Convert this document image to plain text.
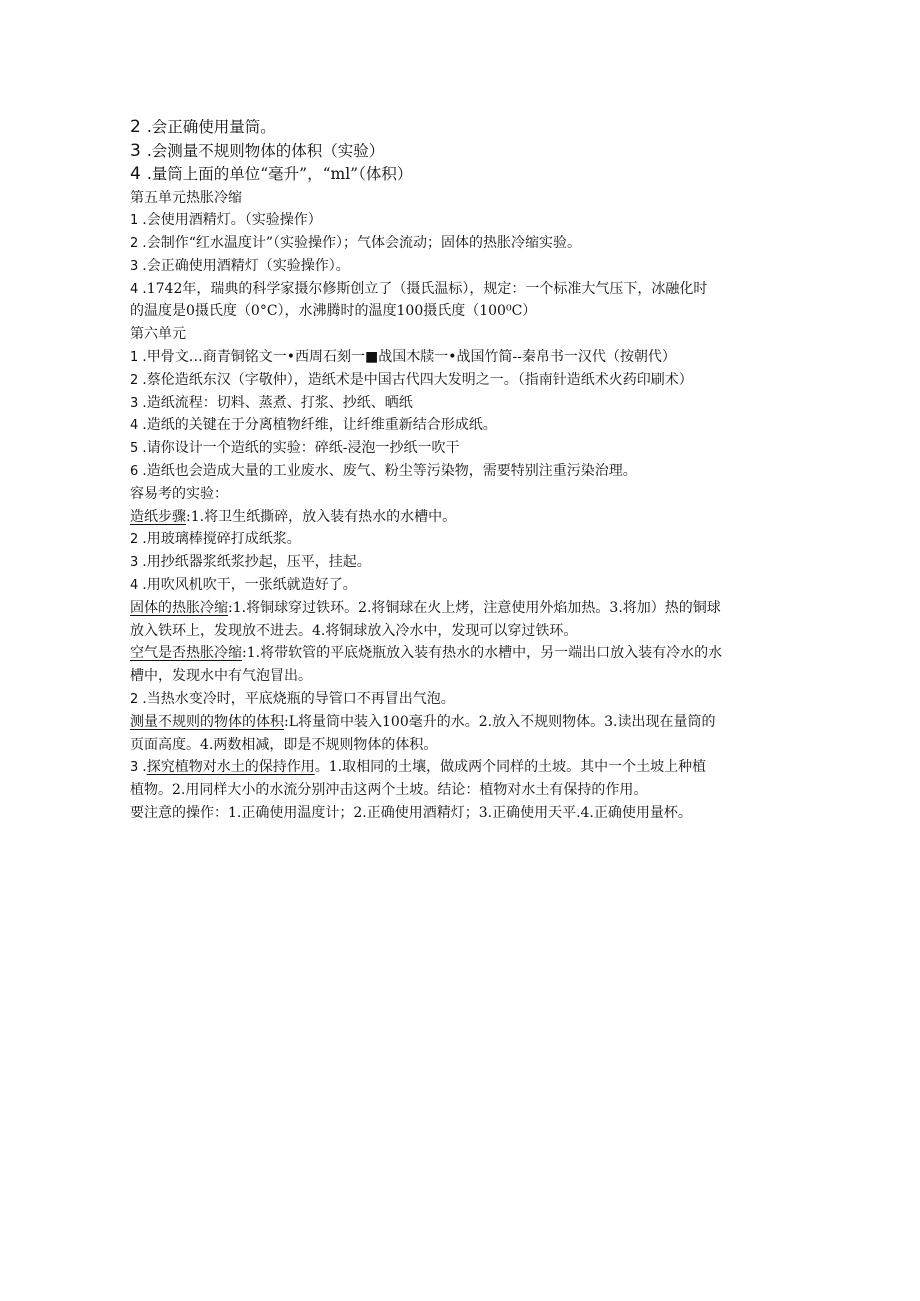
2 .会正确使用量筒。
3 .会测量不规则物体的体积（实验）
4 .量筒上面的单位“毫升”，“ml”（体积）
第五单元热胀冷缩
1 .会使用酒精灯。（实验操作）
2 .会制作“红水温度计”（实验操作）；气体会流动；固体的热胀冷缩实验。
3 .会正确使用酒精灯（实验操作）。
4 .1742年，瑞典的科学家摄尔修斯创立了（摄氏温标），规定：一个标准大气压下，冰融化时
的温度是0摄氏度（0°C），水沸腾时的温度100摄氏度（100⁰C）
第六单元
1 .甲骨文…商青铜铭文一•西周石刻一■战国木牍一•战国竹简--秦帛书一汉代（按朝代）
2 .蔡伦造纸东汉（字敬仲），造纸术是中国古代四大发明之一。（指南针造纸术火药印刷术）
3 .造纸流程：切料、蒸煮、打浆、抄纸、晒纸
4 .造纸的关键在于分离植物纤维，让纤维重新结合形成纸。
5 .请你设计一个造纸的实验：碎纸-浸泡一抄纸一吹干
6 .造纸也会造成大量的工业废水、废气、粉尘等污染物，需要特别注重污染治理。
容易考的实验：
造纸步骤:1.将卫生纸撕碎，放入装有热水的水槽中。
2 .用玻璃棒搅碎打成纸浆。
3 .用抄纸器浆纸浆抄起，压平，挂起。
4 .用吹风机吹干，一张纸就造好了。
固体的热胀冷缩:1.将铜球穿过铁环。2.将铜球在火上烤，注意使用外焰加热。3.将加）热的铜球
放入铁环上，发现放不进去。4.将铜球放入冷水中，发现可以穿过铁环。
空气是否热胀冷缩:1.将带软管的平底烧瓶放入装有热水的水槽中，另一端出口放入装有冷水的水
槽中，发现水中有气泡冒出。
2 .当热水变冷时，平底烧瓶的导管口不再冒出气泡。
测量不规则的物体的体积:L将量筒中装入100毫升的水。2.放入不规则物体。3.读出现在量筒的
页面高度。4.两数相减，即是不规则物体的体积。
3 .探究植物对水土的保持作用。1.取相同的土壤，做成两个同样的土坡。其中一个土坡上种植
植物。2.用同样大小的水流分别冲击这两个土坡。结论：植物对水土有保持的作用。
要注意的操作：1.正确使用温度计；2.正确使用酒精灯；3.正确使用天平.4.正确使用量杯。
